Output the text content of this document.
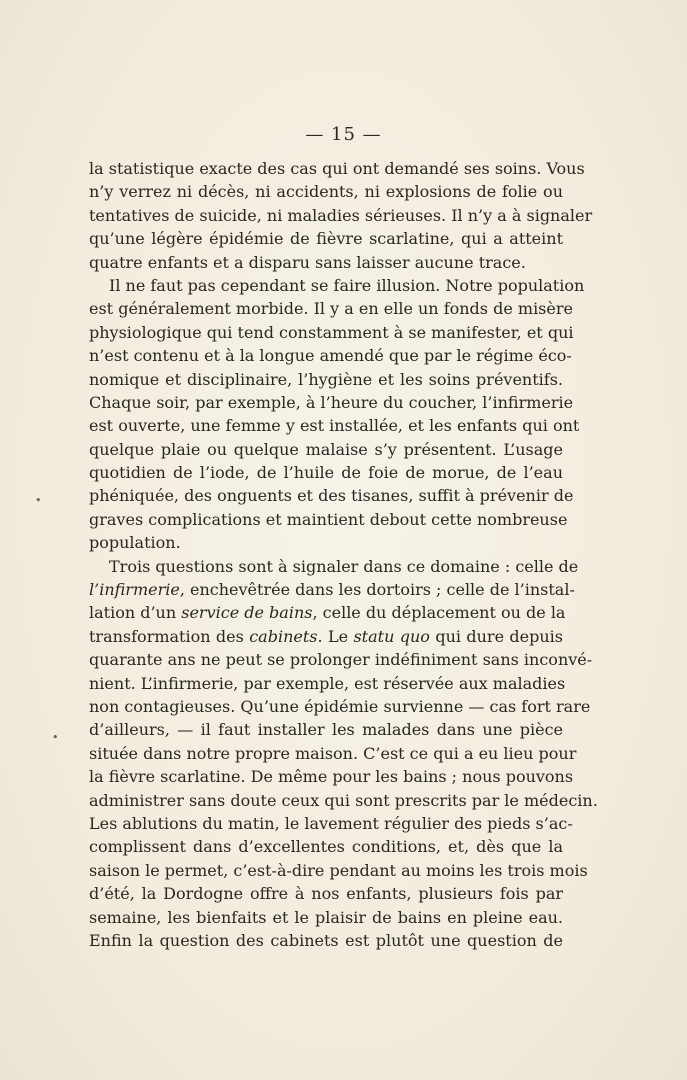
— 15 —
la statistique exacte des cas qui ont demandé ses soins. Vous
n’y verrez ni décès, ni accidents, ni explosions de folie ou
tentatives de suicide, ni maladies sérieuses. Il n’y a à signaler
qu’une légère épidémie de fièvre scarlatine, qui a atteint
quatre enfants et a disparu sans laisser aucune trace.
Il ne faut pas cependant se faire illusion. Notre population
est généralement morbide. Il y a en elle un fonds de misère
physiologique qui tend constamment à se manifester, et qui
n’est contenu et à la longue amendé que par le régime éco-
nomique et disciplinaire, l’hygiène et les soins préventifs.
Chaque soir, par exemple, à l’heure du coucher, l’infirmerie
est ouverte, une femme y est installée, et les enfants qui ont
quelque plaie ou quelque malaise s’y présentent. L’usage
quotidien de l’iode, de l’huile de foie de morue, de l’eau
phéniquée, des onguents et des tisanes, suffit à prévenir de
graves complications et maintient debout cette nombreuse
population.
Trois questions sont à signaler dans ce domaine : celle de
l’infirmerie, enchevêtrée dans les dortoirs ; celle de l’instal-
lation d’un service de bains, celle du déplacement ou de la
transformation des cabinets. Le statu quo qui dure depuis
quarante ans ne peut se prolonger indéfiniment sans inconvé-
nient. L’infirmerie, par exemple, est réservée aux maladies
non contagieuses. Qu’une épidémie survienne — cas fort rare
d’ailleurs, — il faut installer les malades dans une pièce
située dans notre propre maison. C’est ce qui a eu lieu pour
la fièvre scarlatine. De même pour les bains ; nous pouvons
administrer sans doute ceux qui sont prescrits par le médecin.
Les ablutions du matin, le lavement régulier des pieds s’ac-
complissent dans d’excellentes conditions, et, dès que la
saison le permet, c’est-à-dire pendant au moins les trois mois
d’été, la Dordogne offre à nos enfants, plusieurs fois par
semaine, les bienfaits et le plaisir de bains en pleine eau.
Enfin la question des cabinets est plutôt une question de
•
•
